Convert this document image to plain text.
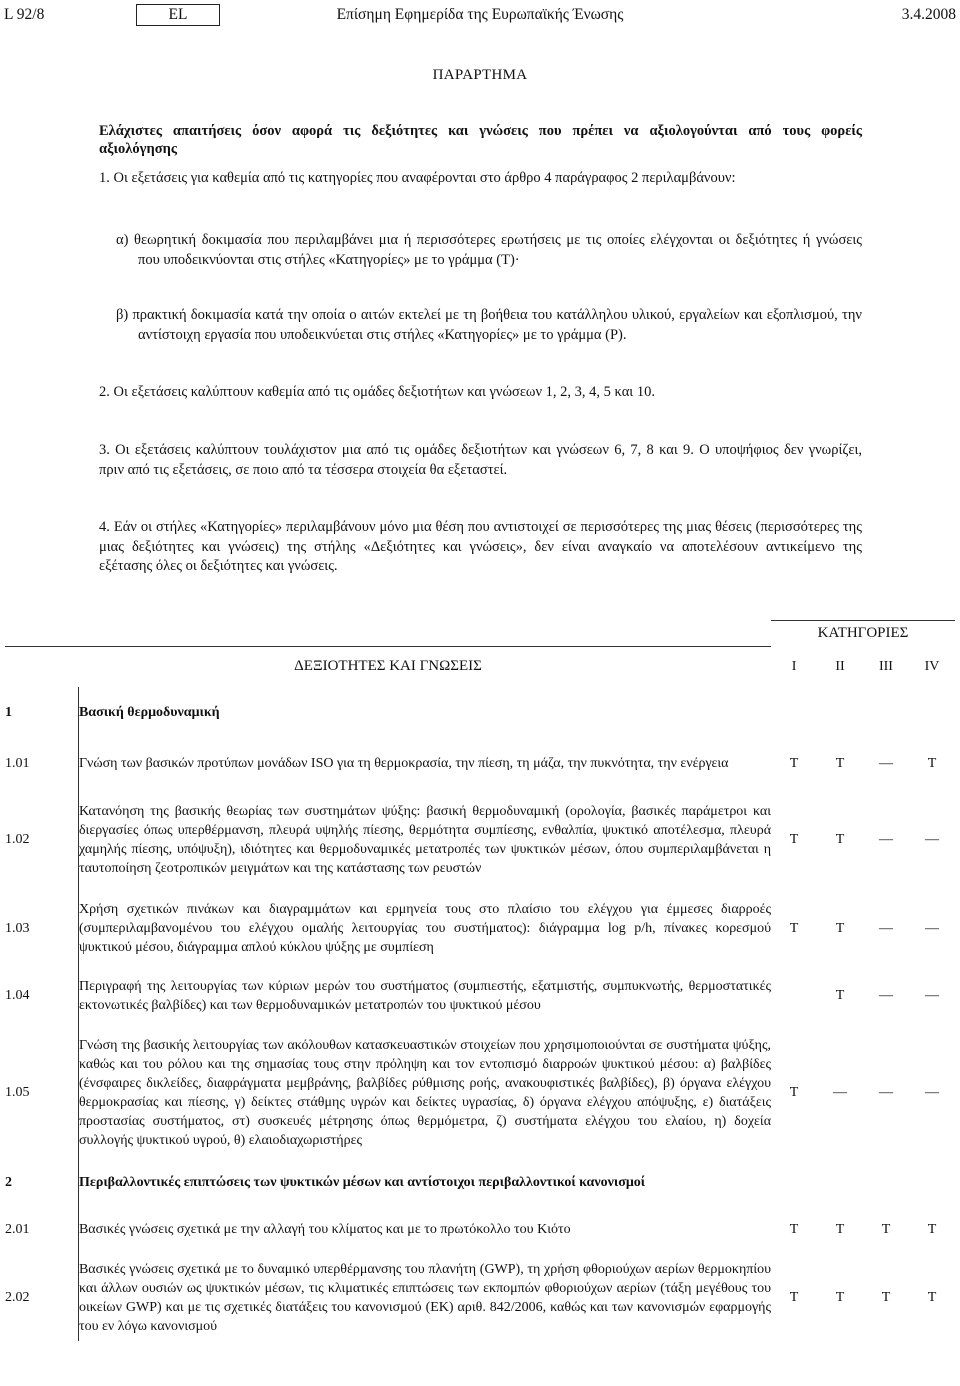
L 92/8	EL	Επίσημη Εφημερίδα της Ευρωπαϊκής Ένωσης	3.4.2008
ΠΑΡΑΡΤΗΜΑ
Ελάχιστες απαιτήσεις όσον αφορά τις δεξιότητες και γνώσεις που πρέπει να αξιολογούνται από τους φορείς
αξιολόγησης
1. Οι εξετάσεις για καθεμία από τις κατηγορίες που αναφέρονται στο άρθρο 4 παράγραφος 2 περιλαμβάνουν:
α) θεωρητική δοκιμασία που περιλαμβάνει μια ή περισσότερες ερωτήσεις με τις οποίες ελέγχονται οι δεξιότητες ή γνώσεις
που υποδεικνύονται στις στήλες «Κατηγορίες» με το γράμμα (Τ)·
β) πρακτική δοκιμασία κατά την οποία ο αιτών εκτελεί με τη βοήθεια του κατάλληλου υλικού, εργαλείων και εξοπλισμού, την
αντίστοιχη εργασία που υποδεικνύεται στις στήλες «Κατηγορίες» με το γράμμα (Ρ).
2. Οι εξετάσεις καλύπτουν καθεμία από τις ομάδες δεξιοτήτων και γνώσεων 1, 2, 3, 4, 5 και 10.
3. Οι εξετάσεις καλύπτουν τουλάχιστον μια από τις ομάδες δεξιοτήτων και γνώσεων 6, 7, 8 και 9. Ο υποψήφιος δεν γνωρίζει,
πριν από τις εξετάσεις, σε ποιο από τα τέσσερα στοιχεία θα εξεταστεί.
4. Εάν οι στήλες «Κατηγορίες» περιλαμβάνουν μόνο μια θέση που αντιστοιχεί σε περισσότερες της μιας θέσεις (περισσότερες της
μιας δεξιότητες και γνώσεις) της στήλης «Δεξιότητες και γνώσεις», δεν είναι αναγκαίο να αποτελέσουν αντικείμενο της
εξέτασης όλες οι δεξιότητες και γνώσεις.
		ΚΑΤΗΓΟΡΙΕΣ			
ΔΕΞΙΟΤΗΤΕΣ ΚΑΙ ΓΝΩΣΕΙΣ		I	II	III	IV
1	Βασική θερμοδυναμική				
1.01	Γνώση των βασικών προτύπων μονάδων ISO για τη θερμοκρασία, την πίεση, τη μάζα, την πυκνότητα, την ενέργεια	Τ	Τ	—	Τ
1.02	Κατανόηση της βασικής θεωρίας των συστημάτων ψύξης: βασική θερμοδυναμική (ορολογία, βασικές παράμετροι και διεργασίες όπως υπερθέρμανση, πλευρά υψηλής πίεσης, θερμότητα συμπίεσης, ενθαλπία, ψυκτικό αποτέλεσμα, πλευρά χαμηλής πίεσης, υπόψυξη), ιδιότητες και θερμοδυναμικές μετατροπές των ψυκτικών μέσων, όπου συμπεριλαμβάνεται η ταυτοποίηση ζεοτροπικών μειγμάτων και της κατάστασης των ρευστών	Τ	Τ	—	—
1.03	Χρήση σχετικών πινάκων και διαγραμμάτων και ερμηνεία τους στο πλαίσιο του ελέγχου για έμμεσες διαρροές (συμπεριλαμβανομένου του ελέγχου ομαλής λειτουργίας του συστήματος): διάγραμμα log p/h, πίνακες κορεσμού ψυκτικού μέσου, διάγραμμα απλού κύκλου ψύξης με συμπίεση	Τ	Τ	—	—
1.04	Περιγραφή της λειτουργίας των κύριων μερών του συστήματος (συμπιεστής, εξατμιστής, συμπυκνωτής, θερμοστατικές εκτονωτικές βαλβίδες) και των θερμοδυναμικών μετατροπών του ψυκτικού μέσου		Τ	—	—
1.05	Γνώση της βασικής λειτουργίας των ακόλουθων κατασκευαστικών στοιχείων που χρησιμοποιούνται σε συστήματα ψύξης, καθώς και του ρόλου και της σημασίας τους στην πρόληψη και τον εντοπισμό διαρροών ψυκτικού μέσου: α) βαλβίδες (ένσφαιρες δικλείδες, διαφράγματα μεμβράνης, βαλβίδες ρύθμισης ροής, ανακουφιστικές βαλβίδες), β) όργανα ελέγχου θερμοκρασίας και πίεσης, γ) δείκτες στάθμης υγρών και δείκτες υγρασίας, δ) όργανα ελέγχου απόψυξης, ε) διατάξεις προστασίας συστήματος, στ) συσκευές μέτρησης όπως θερμόμετρα, ζ) συστήματα ελέγχου του ελαίου, η) δοχεία συλλογής ψυκτικού υγρού, θ) ελαιοδιαχωριστήρες	Τ	—	—	—
2	Περιβαλλοντικές επιπτώσεις των ψυκτικών μέσων και αντίστοιχοι περιβαλλοντικοί κανονισμοί				
2.01	Βασικές γνώσεις σχετικά με την αλλαγή του κλίματος και με το πρωτόκολλο του Κιότο	Τ	Τ	Τ	Τ
2.02	Βασικές γνώσεις σχετικά με το δυναμικό υπερθέρμανσης του πλανήτη (GWP), τη χρήση φθοριούχων αερίων θερμοκηπίου και άλλων ουσιών ως ψυκτικών μέσων, τις κλιματικές επιπτώσεις των εκπομπών φθοριούχων αερίων (τάξη μεγέθους του οικείων GWP) και με τις σχετικές διατάξεις του κανονισμού (ΕΚ) αριθ. 842/2006, καθώς και των κανονισμών εφαρμογής του εν λόγω κανονισμού	Τ	Τ	Τ	Τ
